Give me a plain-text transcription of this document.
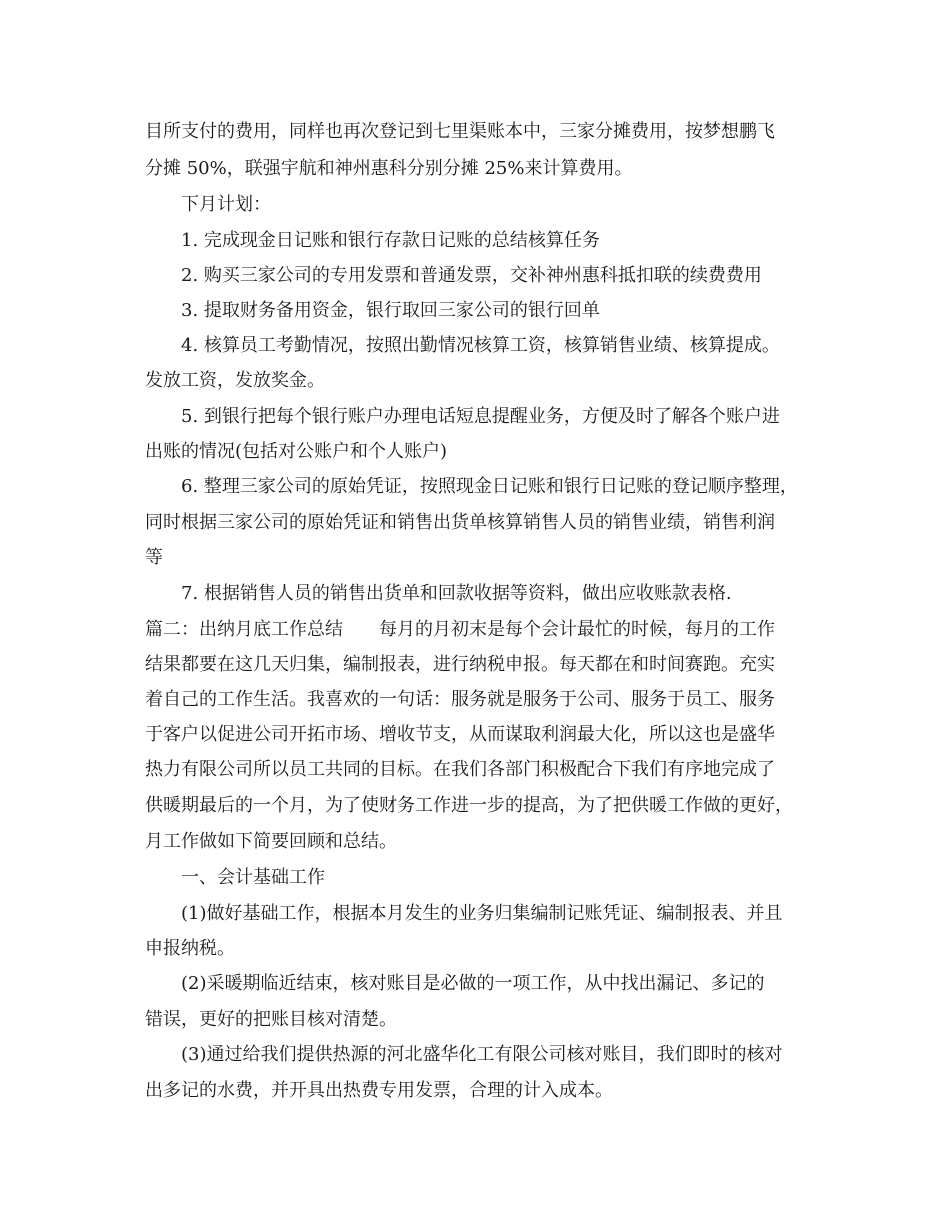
目所支付的费用，同样也再次登记到七里渠账本中，三家分摊费用，按梦想鹏飞
分摊 50%，联强宇航和神州惠科分别分摊 25%来计算费用。
下月计划：
1. 完成现金日记账和银行存款日记账的总结核算任务
2. 购买三家公司的专用发票和普通发票，交补神州惠科抵扣联的续费费用
3. 提取财务备用资金，银行取回三家公司的银行回单
4. 核算员工考勤情况，按照出勤情况核算工资，核算销售业绩、核算提成。
发放工资，发放奖金。
5. 到银行把每个银行账户办理电话短息提醒业务，方便及时了解各个账户进
出账的情况(包括对公账户和个人账户)
6. 整理三家公司的原始凭证，按照现金日记账和银行日记账的登记顺序整理，
同时根据三家公司的原始凭证和销售出货单核算销售人员的销售业绩，销售利润
等
7. 根据销售人员的销售出货单和回款收据等资料，做出应收账款表格.
篇二：出纳月底工作总结　　每月的月初末是每个会计最忙的时候，每月的工作
结果都要在这几天归集，编制报表，进行纳税申报。每天都在和时间赛跑。充实
着自己的工作生活。我喜欢的一句话：服务就是服务于公司、服务于员工、服务
于客户以促进公司开拓市场、增收节支，从而谋取利润最大化，所以这也是盛华
热力有限公司所以员工共同的目标。在我们各部门积极配合下我们有序地完成了
供暖期最后的一个月，为了使财务工作进一步的提高，为了把供暖工作做的更好，
月工作做如下简要回顾和总结。
一、会计基础工作
(1)做好基础工作，根据本月发生的业务归集编制记账凭证、编制报表、并且
申报纳税。
(2)采暖期临近结束，核对账目是必做的一项工作，从中找出漏记、多记的
错误，更好的把账目核对清楚。
(3)通过给我们提供热源的河北盛华化工有限公司核对账目，我们即时的核对
出多记的水费，并开具出热费专用发票，合理的计入成本。
